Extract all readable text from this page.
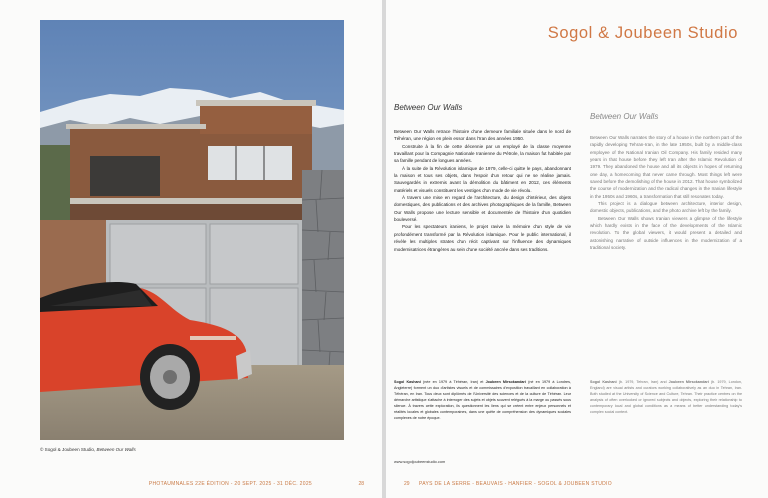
© Sogol & Joubeen Studio, Between Our Walls
PHOTAUMNALES 22E ÉDITION - 20 SEPT. 2025 - 31 DÉC. 2025	28
Sogol & Joubeen Studio
Between Our Walls
Between Our Walls

Between Our Walls retrace l'histoire d'une demeure familiale située dans le nord de Téhéran, une région en plein essor dans l'Iran des années 1950.

Construite à la fin de cette décennie par un employé de la classe moyenne travaillant pour la Compagnie Nationale Iranienne du Pétrole, la maison fut habitée par sa famille pendant de longues années.

À la suite de la Révolution islamique de 1979, celle-ci quitte le pays, abandonnant la maison et tous ses objets, dans l'espoir d'un retour qui ne se réalise jamais. Sauvegardés in extremis avant la démolition du bâtiment en 2012, ces éléments matériels et visuels constituent les vestiges d'un mode de vie révolu.

À travers une mise en regard de l'architecture, du design d'intérieur, des objets domestiques, des publications et des archives photographiques de la famille, Between Our Walls propose une lecture sensible et documentée de l'histoire d'un quotidien bouleversé.

Pour les spectateurs iraniens, le projet ravive la mémoire d'un style de vie profondément transformé par la Révolution islamique. Pour le public international, il révèle les multiples strates d'un récit captivant sur l'influence des dynamiques modernisatrices étrangères au sein d'une société ancrée dans ses traditions.

Between Our Walls narrates the story of a house in the northern part of the rapidly developing Tehran-Iran, in the late 1950s, built by a middle-class employee of the National Iranian Oil Company. His family resided many years in that house before they left Iran after the Islamic Revolution of 1979. They abandoned the house and all its objects in hopes of returning one day, a homecoming that never came through. Most things left were saved before the demolishing of the house in 2012. That house symbolized the course of modernization and the radical changes in the Iranian lifestyle in the 1950s and 1960s, a transformation that still resonates today.

This project is a dialogue between architecture, interior design, domestic objects, publications, and the photo archive left by the family.

Between Our Walls shows Iranian viewers a glimpse of the lifestyle which hardly exists in the face of the developments of the Islamic revolution. To the global viewers, it would present a detailed and astonishing narrative of outside influences in the modernization of a traditional society.

Sogol Kashani (née en 1979 à Téhéran, Iran) et Joubeen Mirsokandari (né en 1979 à Londres, Angleterre) forment un duo d'artistes visuels et de commissaires d'exposition travaillant en collaboration à Téhéran, en Iran. Tous deux sont diplômés de l'Université des sciences et de la culture de Téhéran. Leur démarche artistique s'attache à interroger des sujets et objets souvent relégués à la marge ou passés sous silence. À travers cette exploration, ils questionnent les liens qui se créent entre enjeux personnels et réalités locales et globales contemporaines, dans une quête de compréhension des dynamiques sociales complexes de notre époque.
Sogol Kashani (b. 1979, Tehran, Iran) and Joubeen Mirsokandari (b. 1979, London, England) are visual artists and curators working collaboratively as an duo in Tehran, Iran. Both studied at the University of Science and Culture, Tehran. Their practice centres on the analysis of often overlooked or ignored subjects and objects, exploring their relationship to contemporary local and global conditions as a means of better understanding today's complex social context.
www.sogoljoubeenstudio.com
29 PAYS DE LA SERRE - BEAUVAIS - HANFIER - SOGOL & JOUBEEN STUDIO
